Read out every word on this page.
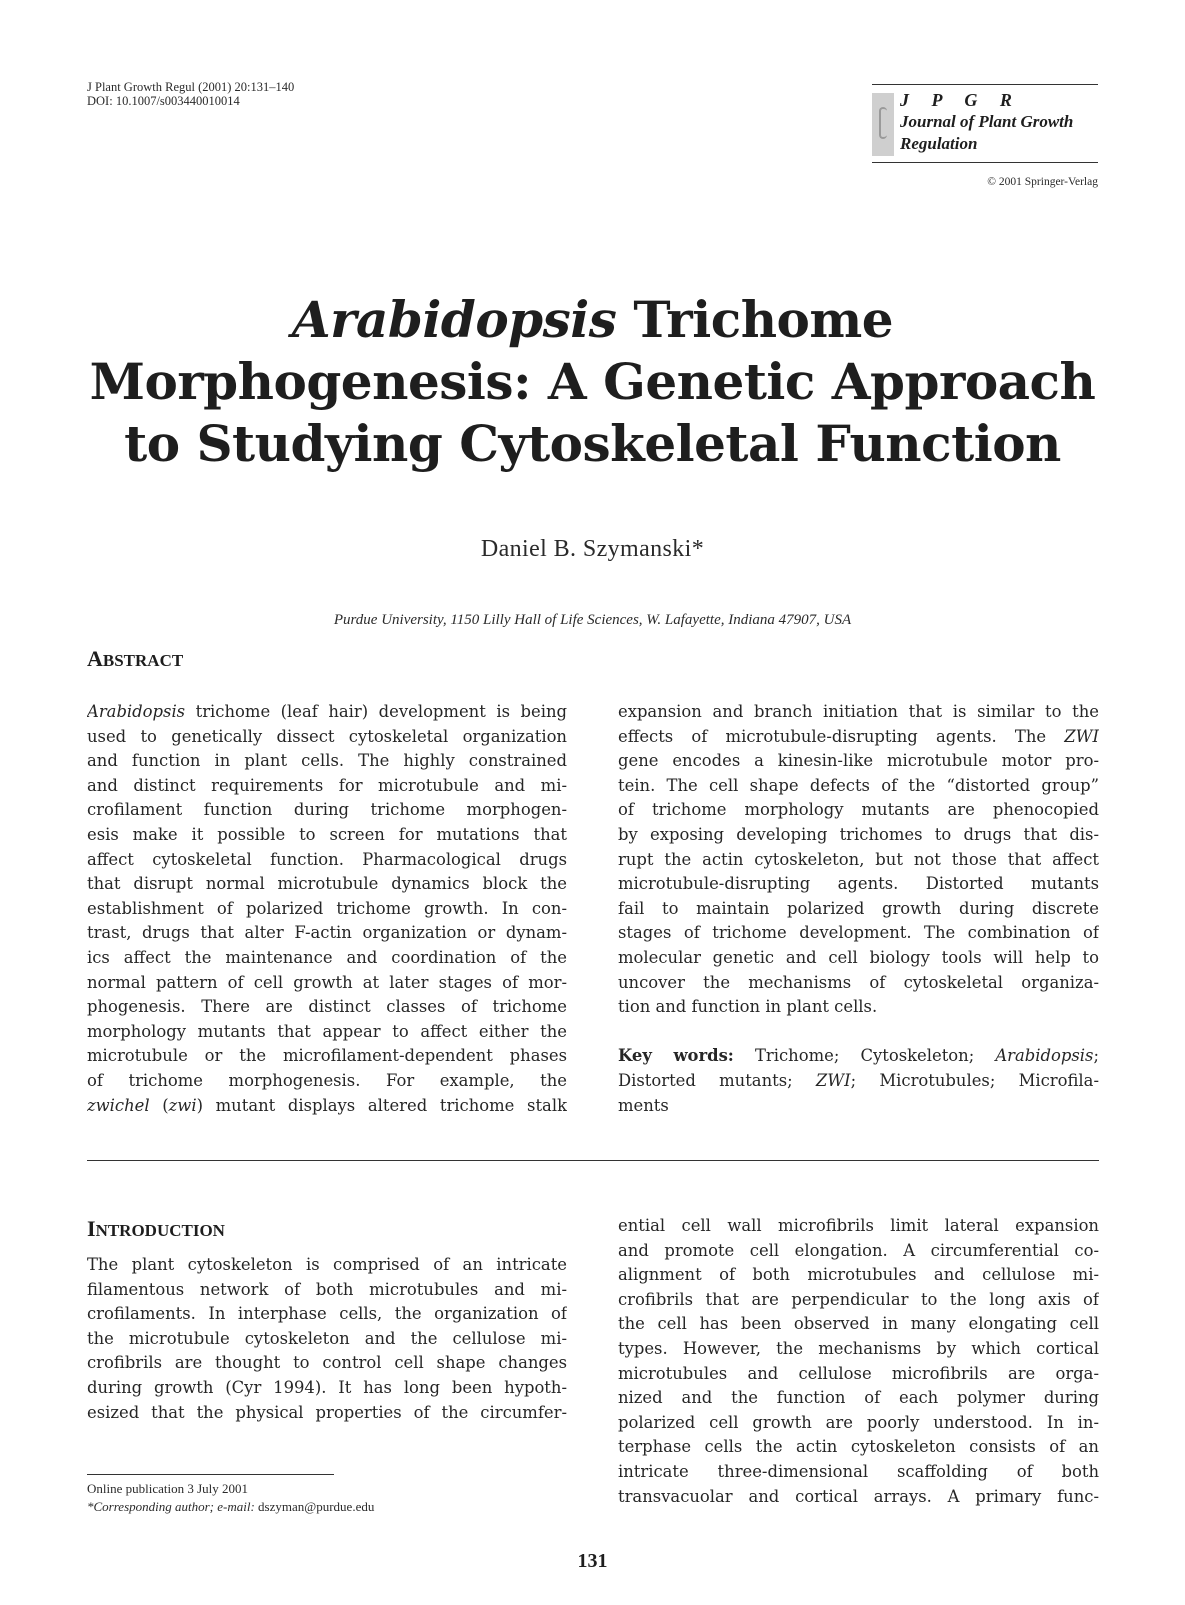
J Plant Growth Regul (2001) 20:131–140
DOI: 10.1007/s003440010014	J P G R
Journal of Plant Growth
Regulation
© 2001 Springer-Verlag
Arabidopsis Trichome
Morphogenesis: A Genetic Approach
to Studying Cytoskeletal Function
Daniel B. Szymanski*
Purdue University, 1150 Lilly Hall of Life Sciences, W. Lafayette, Indiana 47907, USA
ABSTRACT
Arabidopsis trichome (leaf hair) development is being
used to genetically dissect cytoskeletal organization
and function in plant cells. The highly constrained
and distinct requirements for microtubule and mi-
crofilament function during trichome morphogen-
esis make it possible to screen for mutations that
affect cytoskeletal function. Pharmacological drugs
that disrupt normal microtubule dynamics block the
establishment of polarized trichome growth. In con-
trast, drugs that alter F-actin organization or dynam-
ics affect the maintenance and coordination of the
normal pattern of cell growth at later stages of mor-
phogenesis. There are distinct classes of trichome
morphology mutants that appear to affect either the
microtubule or the microfilament-dependent phases
of trichome morphogenesis. For example, the
zwichel (zwi) mutant displays altered trichome stalk
expansion and branch initiation that is similar to the
effects of microtubule-disrupting agents. The ZWI
gene encodes a kinesin-like microtubule motor pro-
tein. The cell shape defects of the “distorted group”
of trichome morphology mutants are phenocopied
by exposing developing trichomes to drugs that dis-
rupt the actin cytoskeleton, but not those that affect
microtubule-disrupting agents. Distorted mutants
fail to maintain polarized growth during discrete
stages of trichome development. The combination of
molecular genetic and cell biology tools will help to
uncover the mechanisms of cytoskeletal organiza-
tion and function in plant cells.
Key words: Trichome; Cytoskeleton; Arabidopsis;
Distorted mutants; ZWI; Microtubules; Microfila-
ments
INTRODUCTION
The plant cytoskeleton is comprised of an intricate
filamentous network of both microtubules and mi-
crofilaments. In interphase cells, the organization of
the microtubule cytoskeleton and the cellulose mi-
crofibrils are thought to control cell shape changes
during growth (Cyr 1994). It has long been hypoth-
esized that the physical properties of the circumfer-
ential cell wall microfibrils limit lateral expansion
and promote cell elongation. A circumferential co-
alignment of both microtubules and cellulose mi-
crofibrils that are perpendicular to the long axis of
the cell has been observed in many elongating cell
types. However, the mechanisms by which cortical
microtubules and cellulose microfibrils are orga-
nized and the function of each polymer during
polarized cell growth are poorly understood. In in-
terphase cells the actin cytoskeleton consists of an
intricate three-dimensional scaffolding of both
transvacuolar and cortical arrays. A primary func-
Online publication 3 July 2001
*Corresponding author; e-mail: dszyman@purdue.edu
131
